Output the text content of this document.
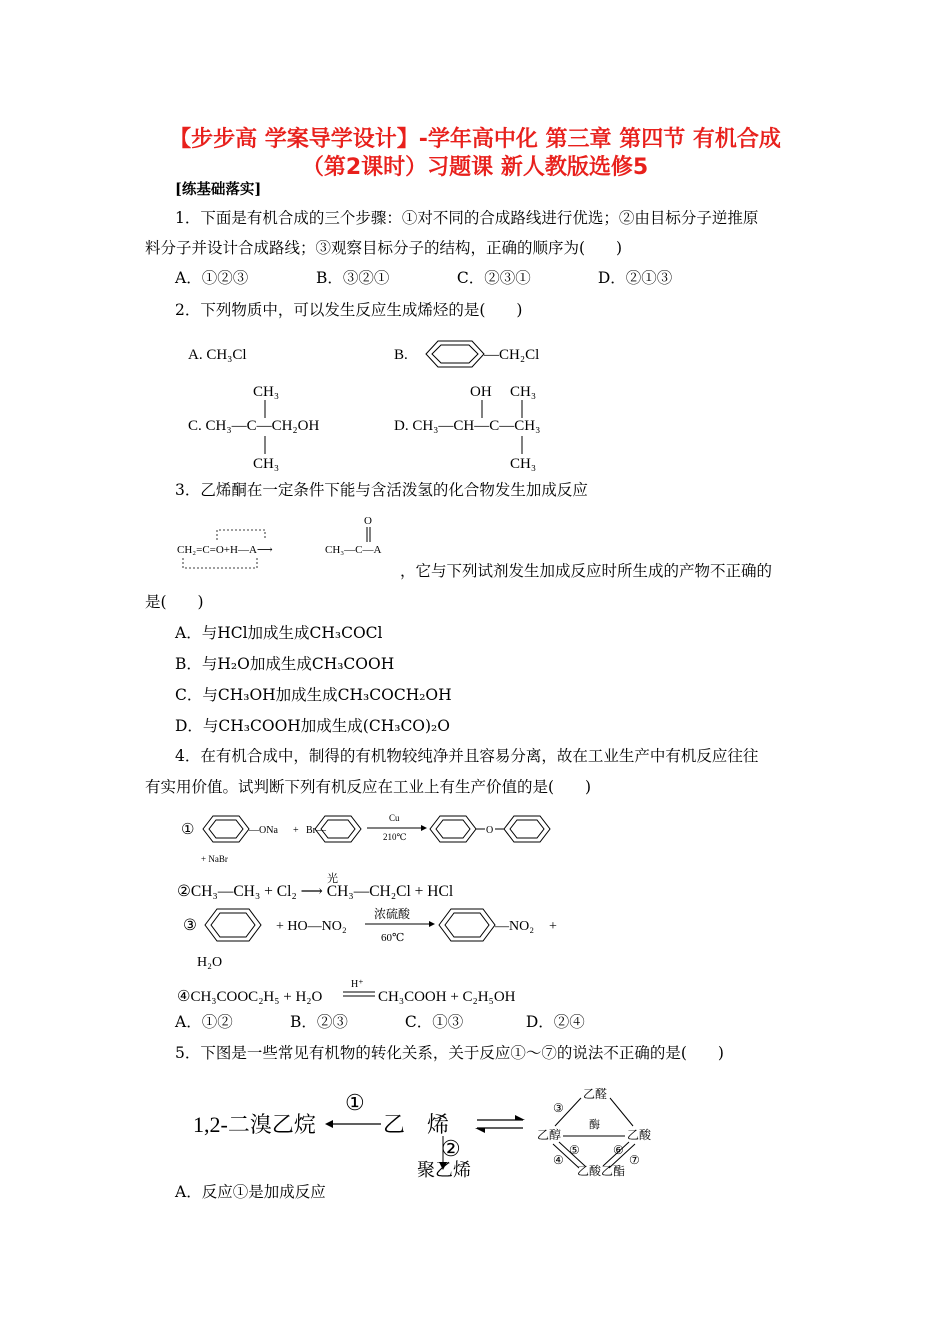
【步步高 学案导学设计】-学年高中化 第三章 第四节 有机合成
（第2课时）习题课 新人教版选修5
[练基础落实]
1．下面是有机合成的三个步骤：①对不同的合成路线进行优选；②由目标分子逆推原
料分子并设计合成路线；③观察目标分子的结构，正确的顺序为(　　)
A．①②③	B．③②①	C．②③①	D．②①③
2．下列物质中，可以发生反应生成烯烃的是(　　)
A. CH₃Cl	B.	—CH₂Cl
CH₃
C. CH₃—C—CH₂OH
CH₃
OH CH₃
D. CH₃—CH—C—CH₃
CH₃
3．乙烯酮在一定条件下能与含活泼氢的化合物发生加成反应
CH₂=C=O+H—A⟶	CH₃—C—A
O
，它与下列试剂发生加成反应时所生成的产物不正确的
是(　　)
A．与HCl加成生成CH₃COCl
B．与H₂O加成生成CH₃COOH
C．与CH₃OH加成生成CH₃COCH₂OH
D．与CH₃COOH加成生成(CH₃CO)₂O
4．在有机合成中，制得的有机物较纯净并且容易分离，故在工业生产中有机反应往往
有实用价值。试判断下列有机反应在工业上有生产价值的是(　　)
①	—ONa + Br—
Cu
210℃
O
+ NaBr
②CH₃—CH₃ + Cl₂ ⟶ CH₃—CH₂Cl + HCl
光
③	+ HO—NO₂
浓硫酸
60℃
—NO₂ +
H₂O
④CH₃COOC₂H₅ + H₂O
H⁺
CH₃COOH + C₂H₅OH
A．①②	B．②③	C．①③	D．②④
5．下图是一些常见有机物的转化关系，关于反应①～⑦的说法不正确的是(　　)
1,2-二溴乙烷
①
乙　烯
②
聚乙烯
乙醛
乙醇	乙酸
乙酸乙酯
酶
③
④
⑤	⑥
⑦
A．反应①是加成反应
